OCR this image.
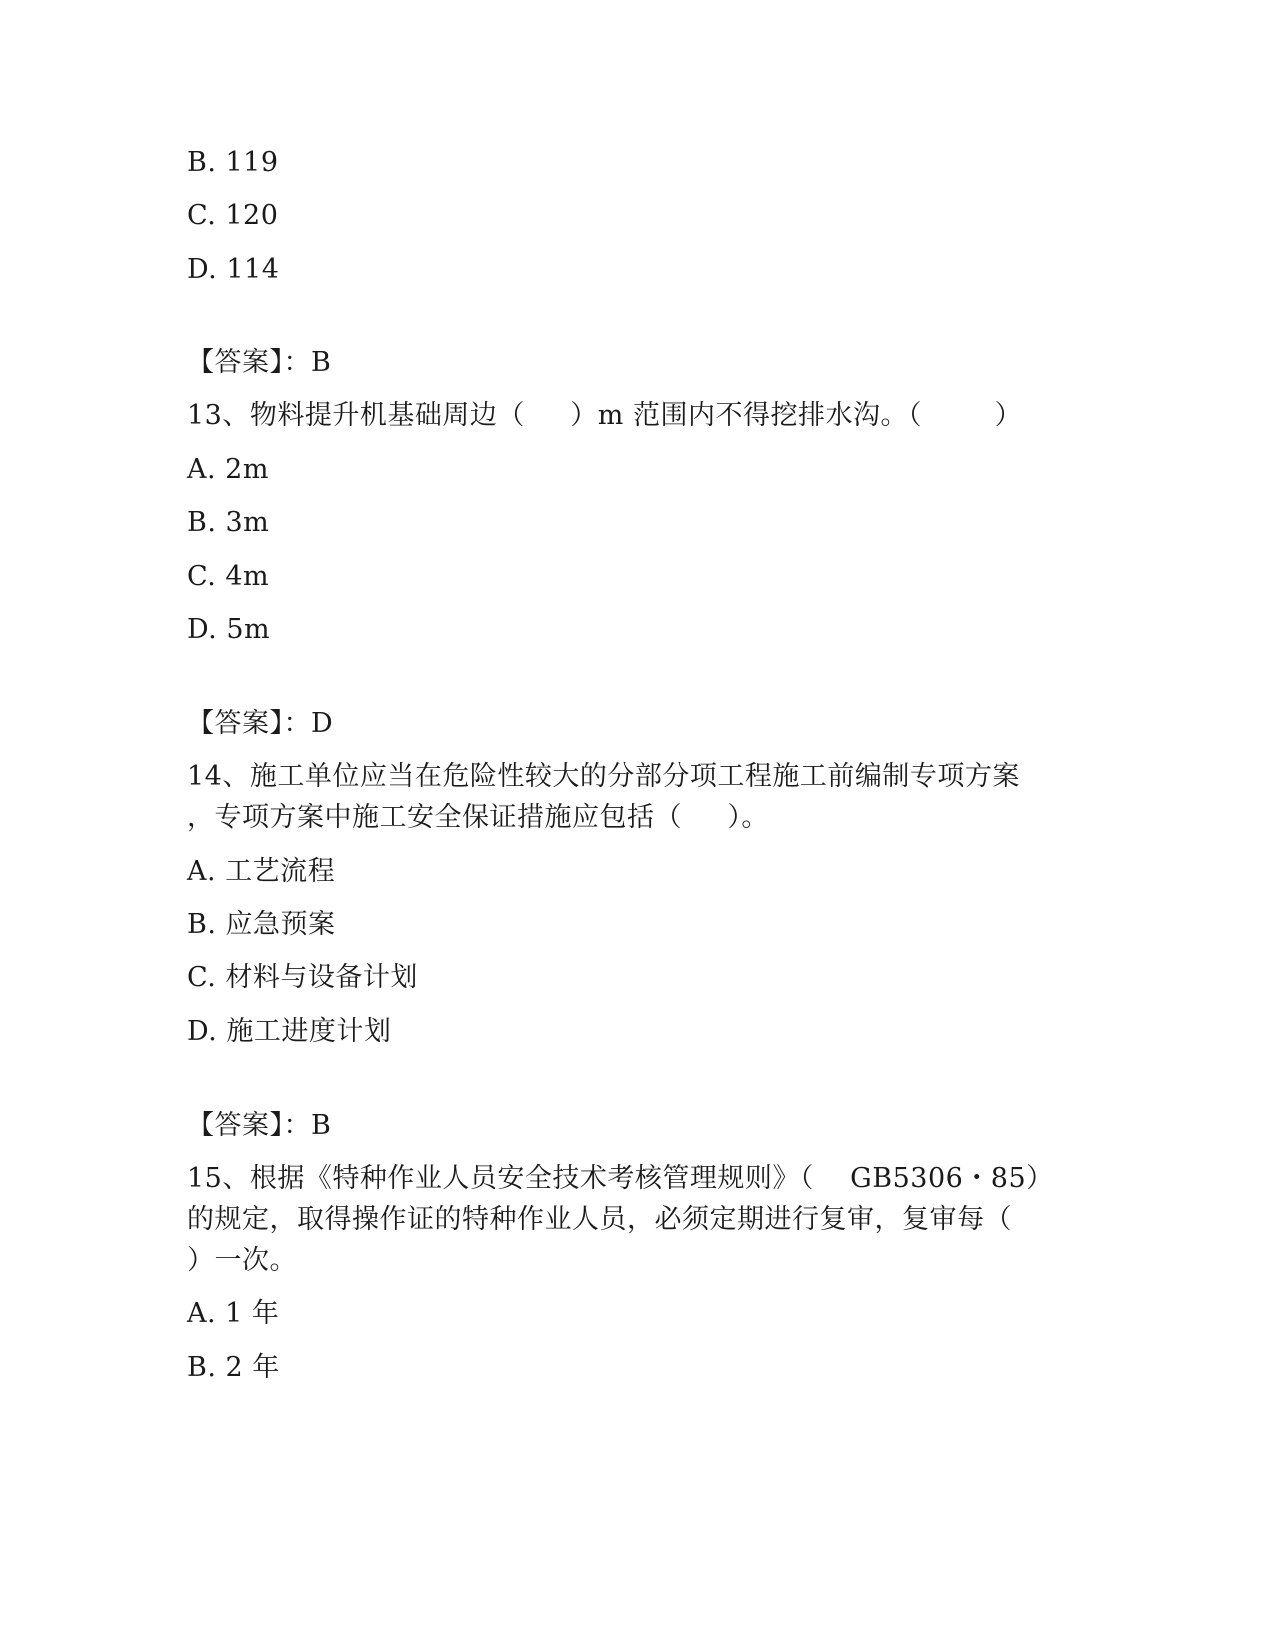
B. 119
C. 120
D. 114
【答案】：B
13、物料提升机基础周边（     ）m 范围内不得挖排水沟。（        ）
A. 2m
B. 3m
C. 4m
D. 5m
【答案】：D
14、施工单位应当在危险性较大的分部分项工程施工前编制专项方案
，专项方案中施工安全保证措施应包括（     ）。
A. 工艺流程
B. 应急预案
C. 材料与设备计划
D. 施工进度计划
【答案】：B
15、根据《特种作业人员安全技术考核管理规则》（    GB5306・85）
的规定，取得操作证的特种作业人员，必须定期进行复审，复审每（
）一次。
A. 1 年
B. 2 年
